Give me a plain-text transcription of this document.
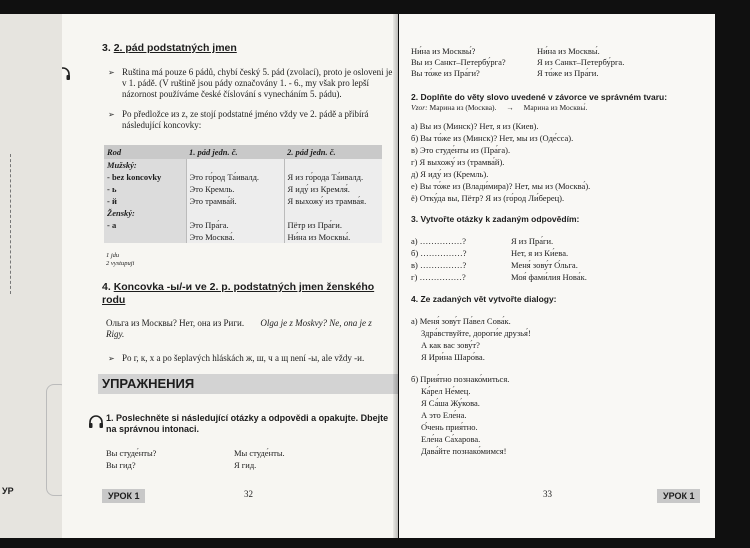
УР
3. 2. pád podstatných jmen
➢ Ruština má pouze 6 pádů, chybí český 5. pád (zvolací), proto je osloveni je v 1. pádě. (V ruštině jsou pády označovány 1. - 6., my však pro lepší názornost používáme české číslování s vynecháním 5. pádu).
➢ Po předložce из z, ze stojí podstatné jméno vždy ve 2. pádě a přibírá následující koncovky:
Rod	1. pád jedn. č.	2. pád jedn. č.
Mužský:		
- bez koncovky	Это го́род Та́ивалд.	Я из го́рода Та́ивалд.
- ь	Это Кремль.	Я иду́ из Кремля́.
- й	Это трамва́й.	Я выхожу́ из трамва́я.
Ženský:		
- а	Это Пра́га.	Пётр из Пра́ги.
	Это Москва́.	Ни́на из Москвы́.
1 jdu
2 vystupuji
4. Koncovka -ы/-и ve 2. p. podstatných jmen ženského rodu
Ольга из Москвы? Нет, она из Риги. Olga je z Moskvy? Ne, ona je z Rigy.
➢ Po г, к, х a po šeplavých hláskách ж, ш, ч a щ není -ы, ale vždy -и.
УПРАЖНЕНИЯ
1. Poslechněte si následující otázky a odpovědi a opakujte. Dbejte na správnou intonaci.
Вы студе́нты?	Мы студе́нты.
Вы гид?	Я гид.
УРОК 1	32
Ни́на из Москвы́?	Ни́на из Москвы́.
Вы из Санкт–Петербу́рга?	Я из Санкт–Петербу́рга.
Вы то́же из Пра́ги?	Я то́же из Пра́ги.
2. Doplňte do věty slovo uvedené v závorce ve správném tvaru:
Vzor: Марина из (Москва). → Марина из Москвы́.
а) Вы из (Минск)? Нет, я из (Киев).
б) Вы то́же из (Минск)? Нет, мы из (Оде́сса).
в) Это студе́нты из (Пра́га).
г) Я выхожу́ из (трамва́й).
д) Я иду́ из (Кремль).
е) Вы то́же из (Влади́мира)? Нет, мы из (Москва́).
ё) Отку́да вы, Пётр? Я из (го́род Ли́берец).
3. Vytvořte otázky k zadaným odpovědím:
а) ……………?	Я из Пра́ги.
б) ……………?	Нет, я из Ки́ева.
в) ……………?	Меня́ зову́т О́льга.
г) ……………?	Моя́ фами́лия Нова́к.
4. Ze zadaných vět vytvořte dialogy:
а) Меня́ зову́т Па́вел Сова́к.
Здра́вствуйте, дороги́е друзья́!
А как вас зову́т?
Я Ири́на Шаро́ва.
б) Прия́тно познако́миться.
Ка́рел Не́мец.
Я Са́ша Жу́кова.
А это Еле́на.
О́чень прия́тно.
Еле́на Са́харова.
Дава́йте познако́мимся!
33	УРОК 1
